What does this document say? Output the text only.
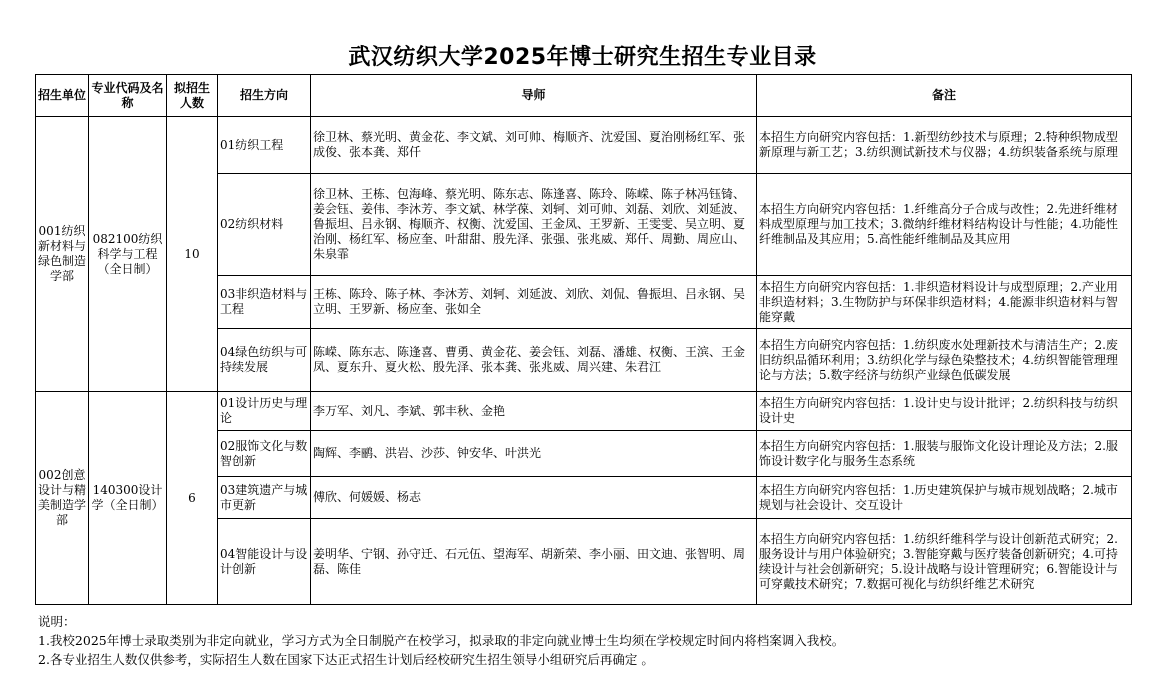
武汉纺织大学2025年博士研究生招生专业目录
招生单位	专业代码及名称	拟招生人数	招生方向	导师	备注
001纺织新材料与绿色制造学部	082100纺织科学与工程（全日制）	10	01纺织工程	徐卫林、蔡光明、黄金花、李文斌、刘可帅、梅顺齐、沈爱国、夏治刚杨红军、张成俊、张本龚、郑仟	本招生方向研究内容包括：1.新型纺纱技术与原理；2.特种织物成型新原理与新工艺；3.纺织测试新技术与仪器；4.纺织装备系统与原理
			02纺织材料	徐卫林、王栋、包海峰、蔡光明、陈东志、陈逢喜、陈玲、陈嵘、陈子林冯钰锜、姜会钰、姜伟、李沐芳、李文斌、林学葆、刘轲、刘可帅、刘磊、刘欣、刘延波、鲁振坦、吕永钢、梅顺齐、权衡、沈爱国、王金凤、王罗新、王雯雯、吴立明、夏治刚、杨红军、杨应奎、叶甜甜、殷先泽、张强、张兆威、郑仟、周勤、周应山、朱泉霏	本招生方向研究内容包括：1.纤维高分子合成与改性；2.先进纤维材料成型原理与加工技术；3.微纳纤维材料结构设计与性能；4.功能性纤维制品及其应用；5.高性能纤维制品及其应用
			03非织造材料与工程	王栋、陈玲、陈子林、李沐芳、刘轲、刘延波、刘欣、刘侃、鲁振坦、吕永钢、吴立明、王罗新、杨应奎、张如全	本招生方向研究内容包括：1.非织造材料设计与成型原理；2.产业用非织造材料；3.生物防护与环保非织造材料；4.能源非织造材料与智能穿戴
			04绿色纺织与可持续发展	陈嵘、陈东志、陈逢喜、曹勇、黄金花、姜会钰、刘磊、潘雄、权衡、王滨、王金凤、夏东升、夏火松、殷先泽、张本龚、张兆威、周兴建、朱君江	本招生方向研究内容包括：1.纺织废水处理新技术与清洁生产；2.废旧纺织品循环利用；3.纺织化学与绿色染整技术；4.纺织智能管理理论与方法；5.数字经济与纺织产业绿色低碳发展
002创意设计与精美制造学部	140300设计学（全日制）	6	01设计历史与理论	李万军、刘凡、李斌、郭丰秋、金艳	本招生方向研究内容包括：1.设计史与设计批评；2.纺织科技与纺织设计史
			02服饰文化与数智创新	陶辉、李鹂、洪岩、沙莎、钟安华、叶洪光	本招生方向研究内容包括：1.服装与服饰文化设计理论及方法；2.服饰设计数字化与服务生态系统
			03建筑遗产与城市更新	傅欣、何媛媛、杨志	本招生方向研究内容包括：1.历史建筑保护与城市规划战略；2.城市规划与社会设计、交互设计
			04智能设计与设计创新	姜明华、宁钢、孙守迁、石元伍、望海军、胡新荣、李小丽、田文迪、张智明、周磊、陈佳	本招生方向研究内容包括：1.纺织纤维科学与设计创新范式研究；2.服务设计与用户体验研究；3.智能穿戴与医疗装备创新研究；4.可持续设计与社会创新研究；5.设计战略与设计管理研究；6.智能设计与可穿戴技术研究；7.数据可视化与纺织纤维艺术研究
说明：
1.我校2025年博士录取类别为非定向就业，学习方式为全日制脱产在校学习，拟录取的非定向就业博士生均须在学校规定时间内将档案调入我校。
2.各专业招生人数仅供参考，实际招生人数在国家下达正式招生计划后经校研究生招生领导小组研究后再确定 。
